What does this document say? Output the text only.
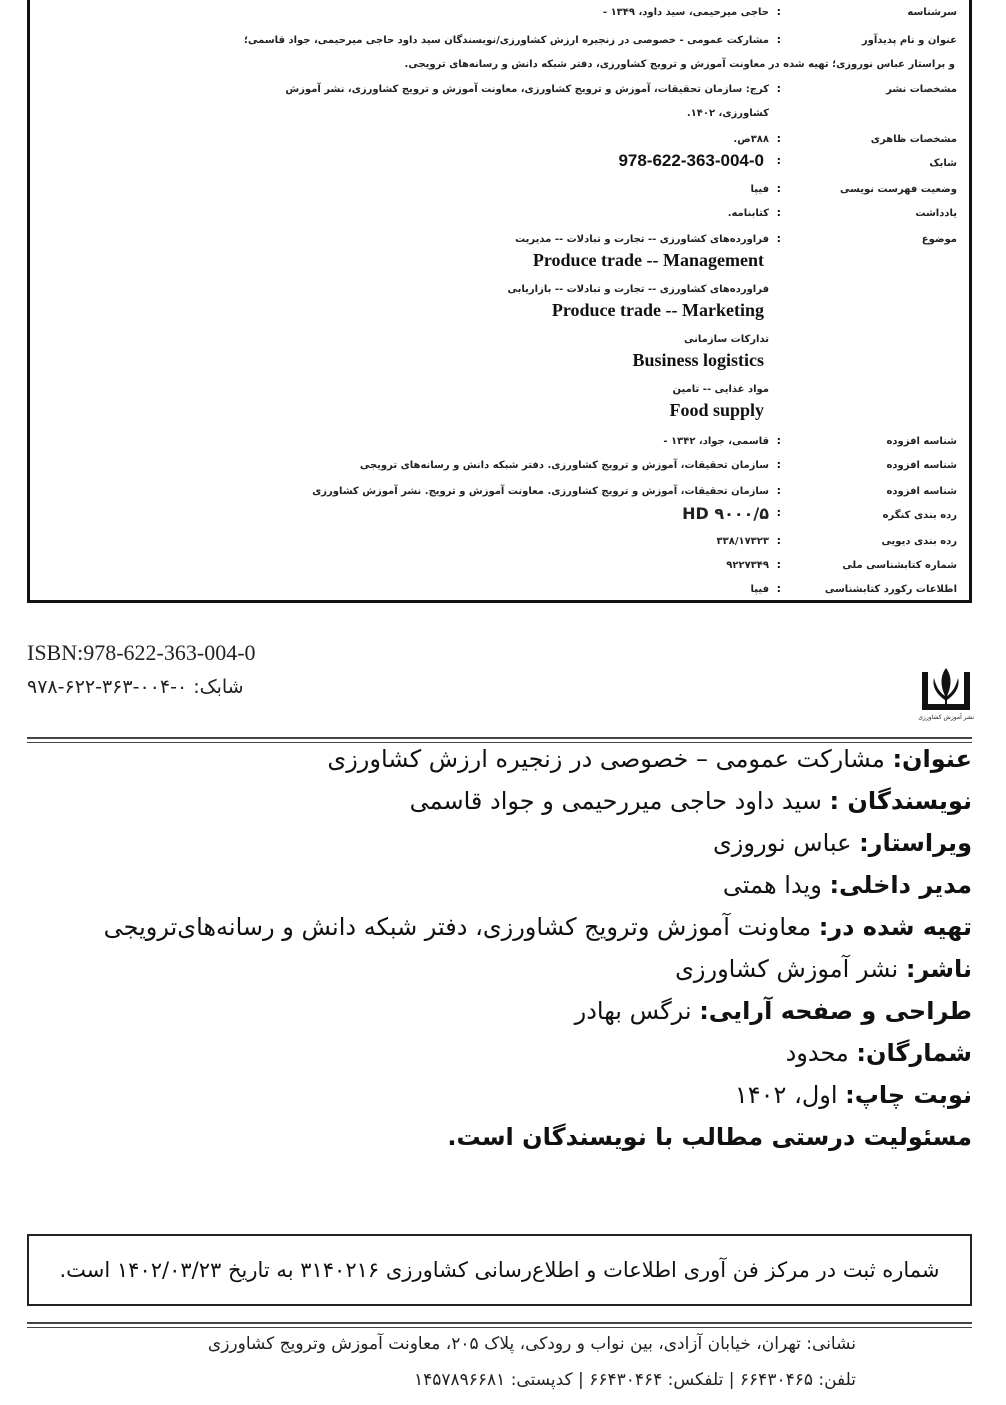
سرشناسه
:
حاجی میرحیمی، سید داود، ۱۳۴۹ -
عنوان و نام پدیدآور
:
مشارکت عمومی - خصوصی در زنجیره ارزش کشاورزی/نویسندگان سید داود حاجی میرحیمی، جواد قاسمی؛
و براستار عباس نوروزی؛ تهیه شده در معاونت آموزش و ترویج کشاورزی، دفتر شبکه دانش و رسانه‌های ترویجی.
مشخصات نشر
:
کرج: سازمان تحقیقات، آموزش و ترویج کشاورزی، معاونت آموزش و ترویج کشاورزی، نشر آموزش
کشاورزی، ۱۴۰۲.
مشخصات ظاهری
:
۳۸۸ص.
شابک
:
978-622-363-004-0
وضعیت فهرست نویسی
:
فیپا
یادداشت
:
کتابنامه.
موضوع
:
فراورده‌های کشاورزی -- تجارت و تبادلات -- مدیریت
Produce trade -- Management
فراورده‌های کشاورزی -- تجارت و تبادلات -- بازاریابی
Produce trade -- Marketing
تدارکات سازمانی
Business logistics
مواد غذایی -- تامین
Food supply
شناسه افزوده
:
قاسمی، جواد، ۱۳۴۲ -
شناسه افزوده
:
سازمان تحقیقات، آموزش و ترویج کشاورزی. دفتر شبکه دانش و رسانه‌های ترویجی
شناسه افزوده
:
سازمان تحقیقات، آموزش و ترویج کشاورزی. معاونت آموزش و ترویج. نشر آموزش کشاورزی
رده بندی کنگره
:
HD ۹۰۰۰/۵
رده بندی دیویی
:
۳۳۸/۱۷۳۲۳
شماره کتابشناسی ملی
:
۹۲۲۷۳۴۹
اطلاعات رکورد کتابشناسی
:
فیپا
ISBN:978-622-363-004-0
شابک: ۰-۰۰۴-۳۶۳-۶۲۲-۹۷۸
نشر آموزش کشاورزی
عنوان: مشارکت عمومی – خصوصی در زنجیره ارزش کشاورزی
نویسندگان : سید داود حاجی میررحیمی و جواد قاسمی
ویراستار: عباس نوروزی
مدیر داخلی: ویدا همتی
تهیه شده در: معاونت آموزش وترویج کشاورزی، دفتر شبکه دانش و رسانه‌های‌ترویجی
ناشر: نشر آموزش کشاورزی
طراحی و صفحه آرایی: نرگس بهادر
شمارگان: محدود
نوبت چاپ: اول، ۱۴۰۲
مسئولیت درستی مطالب با نویسندگان است.
شماره ثبت در مرکز فن آوری اطلاعات و اطلاع‌رسانی کشاورزی ۳۱۴۰۲۱۶ به تاریخ ۱۴۰۲/۰۳/۲۳ است.
نشانی: تهران، خیابان آزادی، بین نواب و رودکی، پلاک ۲۰۵، معاونت آموزش وترویج کشاورزی
تلفن: ۶۶۴۳۰۴۶۵ | تلفکس: ۶۶۴۳۰۴۶۴ | کدپستی: ۱۴۵۷۸۹۶۶۸۱
